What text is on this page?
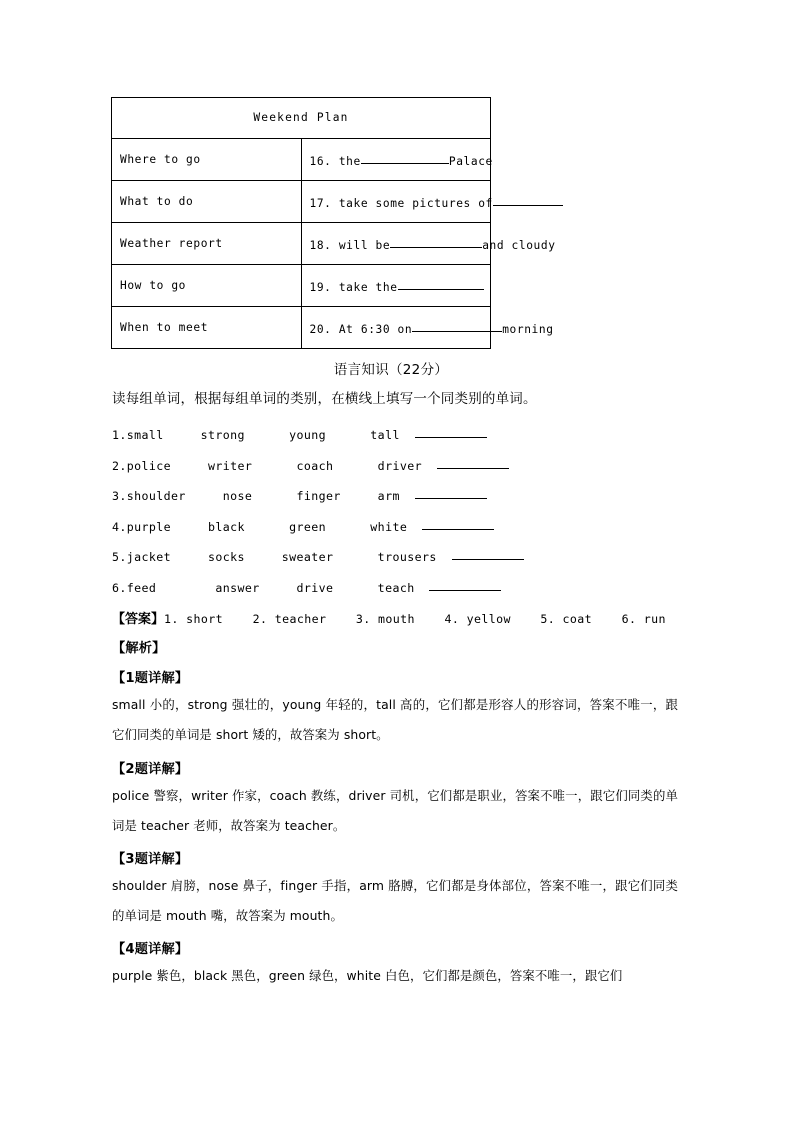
Weekend Plan	
Where to go	16. the Palace
What to do	17. take some pictures of
Weather report	18. will be and cloudy
How to go	19. take the
When to meet	20. At 6:30 on morning
语言知识（22分）
读每组单词，根据每组单词的类别，在横线上填写一个同类别的单词。
1.small     strong      young      tall
2.police     writer      coach      driver
3.shoulder     nose      finger     arm
4.purple     black      green      white
5.jacket     socks     sweater      trousers
6.feed        answer     drive      teach
【答案】1. short    2. teacher    3. mouth    4. yellow    5. coat    6. run
【解析】
【1题详解】
small 小的，strong 强壮的，young 年轻的，tall 高的，它们都是形容人的形容词，答案不唯一，跟它们同类的单词是 short 矮的，故答案为 short。
【2题详解】
police 警察，writer 作家，coach 教练，driver 司机，它们都是职业，答案不唯一，跟它们同类的单词是 teacher 老师，故答案为 teacher。
【3题详解】
shoulder 肩膀，nose 鼻子，finger 手指，arm 胳膊，它们都是身体部位，答案不唯一，跟它们同类的单词是 mouth 嘴，故答案为 mouth。
【4题详解】
purple 紫色，black 黑色，green 绿色，white 白色，它们都是颜色，答案不唯一，跟它们
